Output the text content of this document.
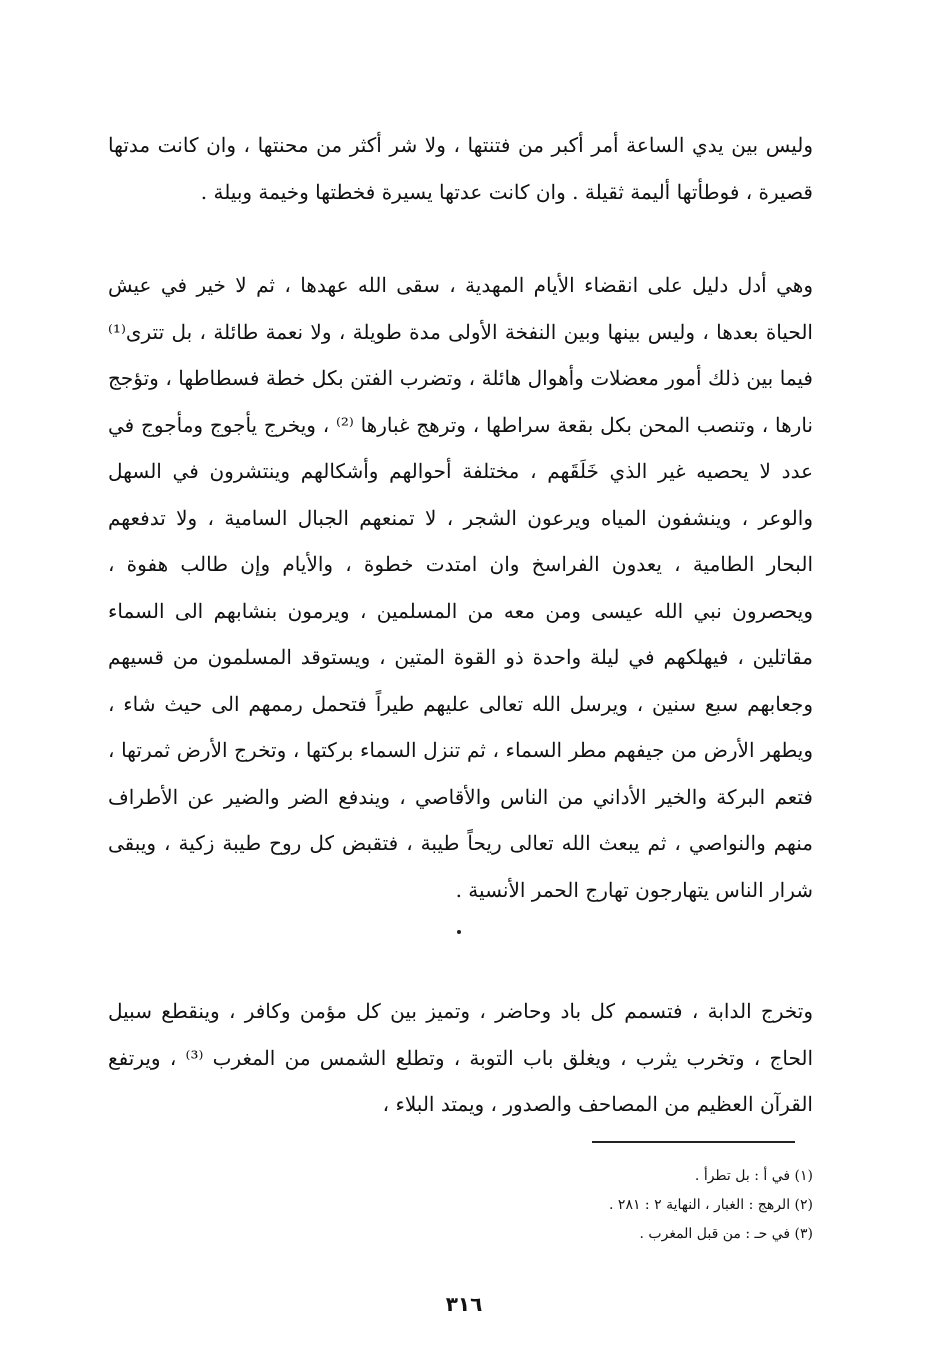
وليس بين يدي الساعة أمر أكبر من فتنتها ، ولا شر أكثر من محنتها ، وان كانت مدتها قصيرة ، فوطأتها أليمة ثقيلة . وان كانت عدتها يسيرة فخطتها وخيمة وبيلة .

وهي أدل دليل على انقضاء الأيام المهدية ، سقى الله عهدها ، ثم لا خير في عيش الحياة بعدها ، وليس بينها وبين النفخة الأولى مدة طويلة ، ولا نعمة طائلة ، بل تترى⁽¹⁾ فيما بين ذلك أمور معضلات وأهوال هائلة ، وتضرب الفتن بكل خطة فسطاطها ، وتؤجج نارها ، وتنصب المحن بكل بقعة سراطها ، وترهج غبارها ⁽²⁾ ، ويخرج يأجوج ومأجوج في عدد لا يحصيه غير الذي خَلَقَهم ، مختلفة أحوالهم وأشكالهم وينتشرون في السهل والوعر ، وينشفون المياه ويرعون الشجر ، لا تمنعهم الجبال السامية ، ولا تدفعهم البحار الطامية ، يعدون الفراسخ وان امتدت خطوة ، والأيام وإن طالب هفوة ، ويحصرون نبي الله عيسى ومن معه من المسلمين ، ويرمون بنشابهم الى السماء مقاتلين ، فيهلكهم في ليلة واحدة ذو القوة المتين ، ويستوقد المسلمون من قسيهم وجعابهم سبع سنين ، ويرسل الله تعالى عليهم طيراً فتحمل رممهم الى حيث شاء ، ويطهر الأرض من جيفهم مطر السماء ، ثم تنزل السماء بركتها ، وتخرج الأرض ثمرتها ، فتعم البركة والخير الأداني من الناس والأقاصي ، ويندفع الضر والضير عن الأطراف منهم والنواصي ، ثم يبعث الله تعالى ريحاً طيبة ، فتقبض كل روح طيبة زكية ، ويبقى شرار الناس يتهارجون تهارج الحمر الأنسية .

وتخرج الدابة ، فتسمم كل باد وحاضر ، وتميز بين كل مؤمن وكافر ، وينقطع سبيل الحاج ، وتخرب يثرب ، ويغلق باب التوبة ، وتطلع الشمس من المغرب ⁽³⁾ ، ويرتفع القرآن العظيم من المصاحف والصدور ، ويمتد البلاء ،

(١) في أ : بل تطرأ .

(٢) الرهج : الغبار ، النهاية ٢ : ٢٨١ .

(٣) في حـ : من قبل المغرب .

٣١٦
